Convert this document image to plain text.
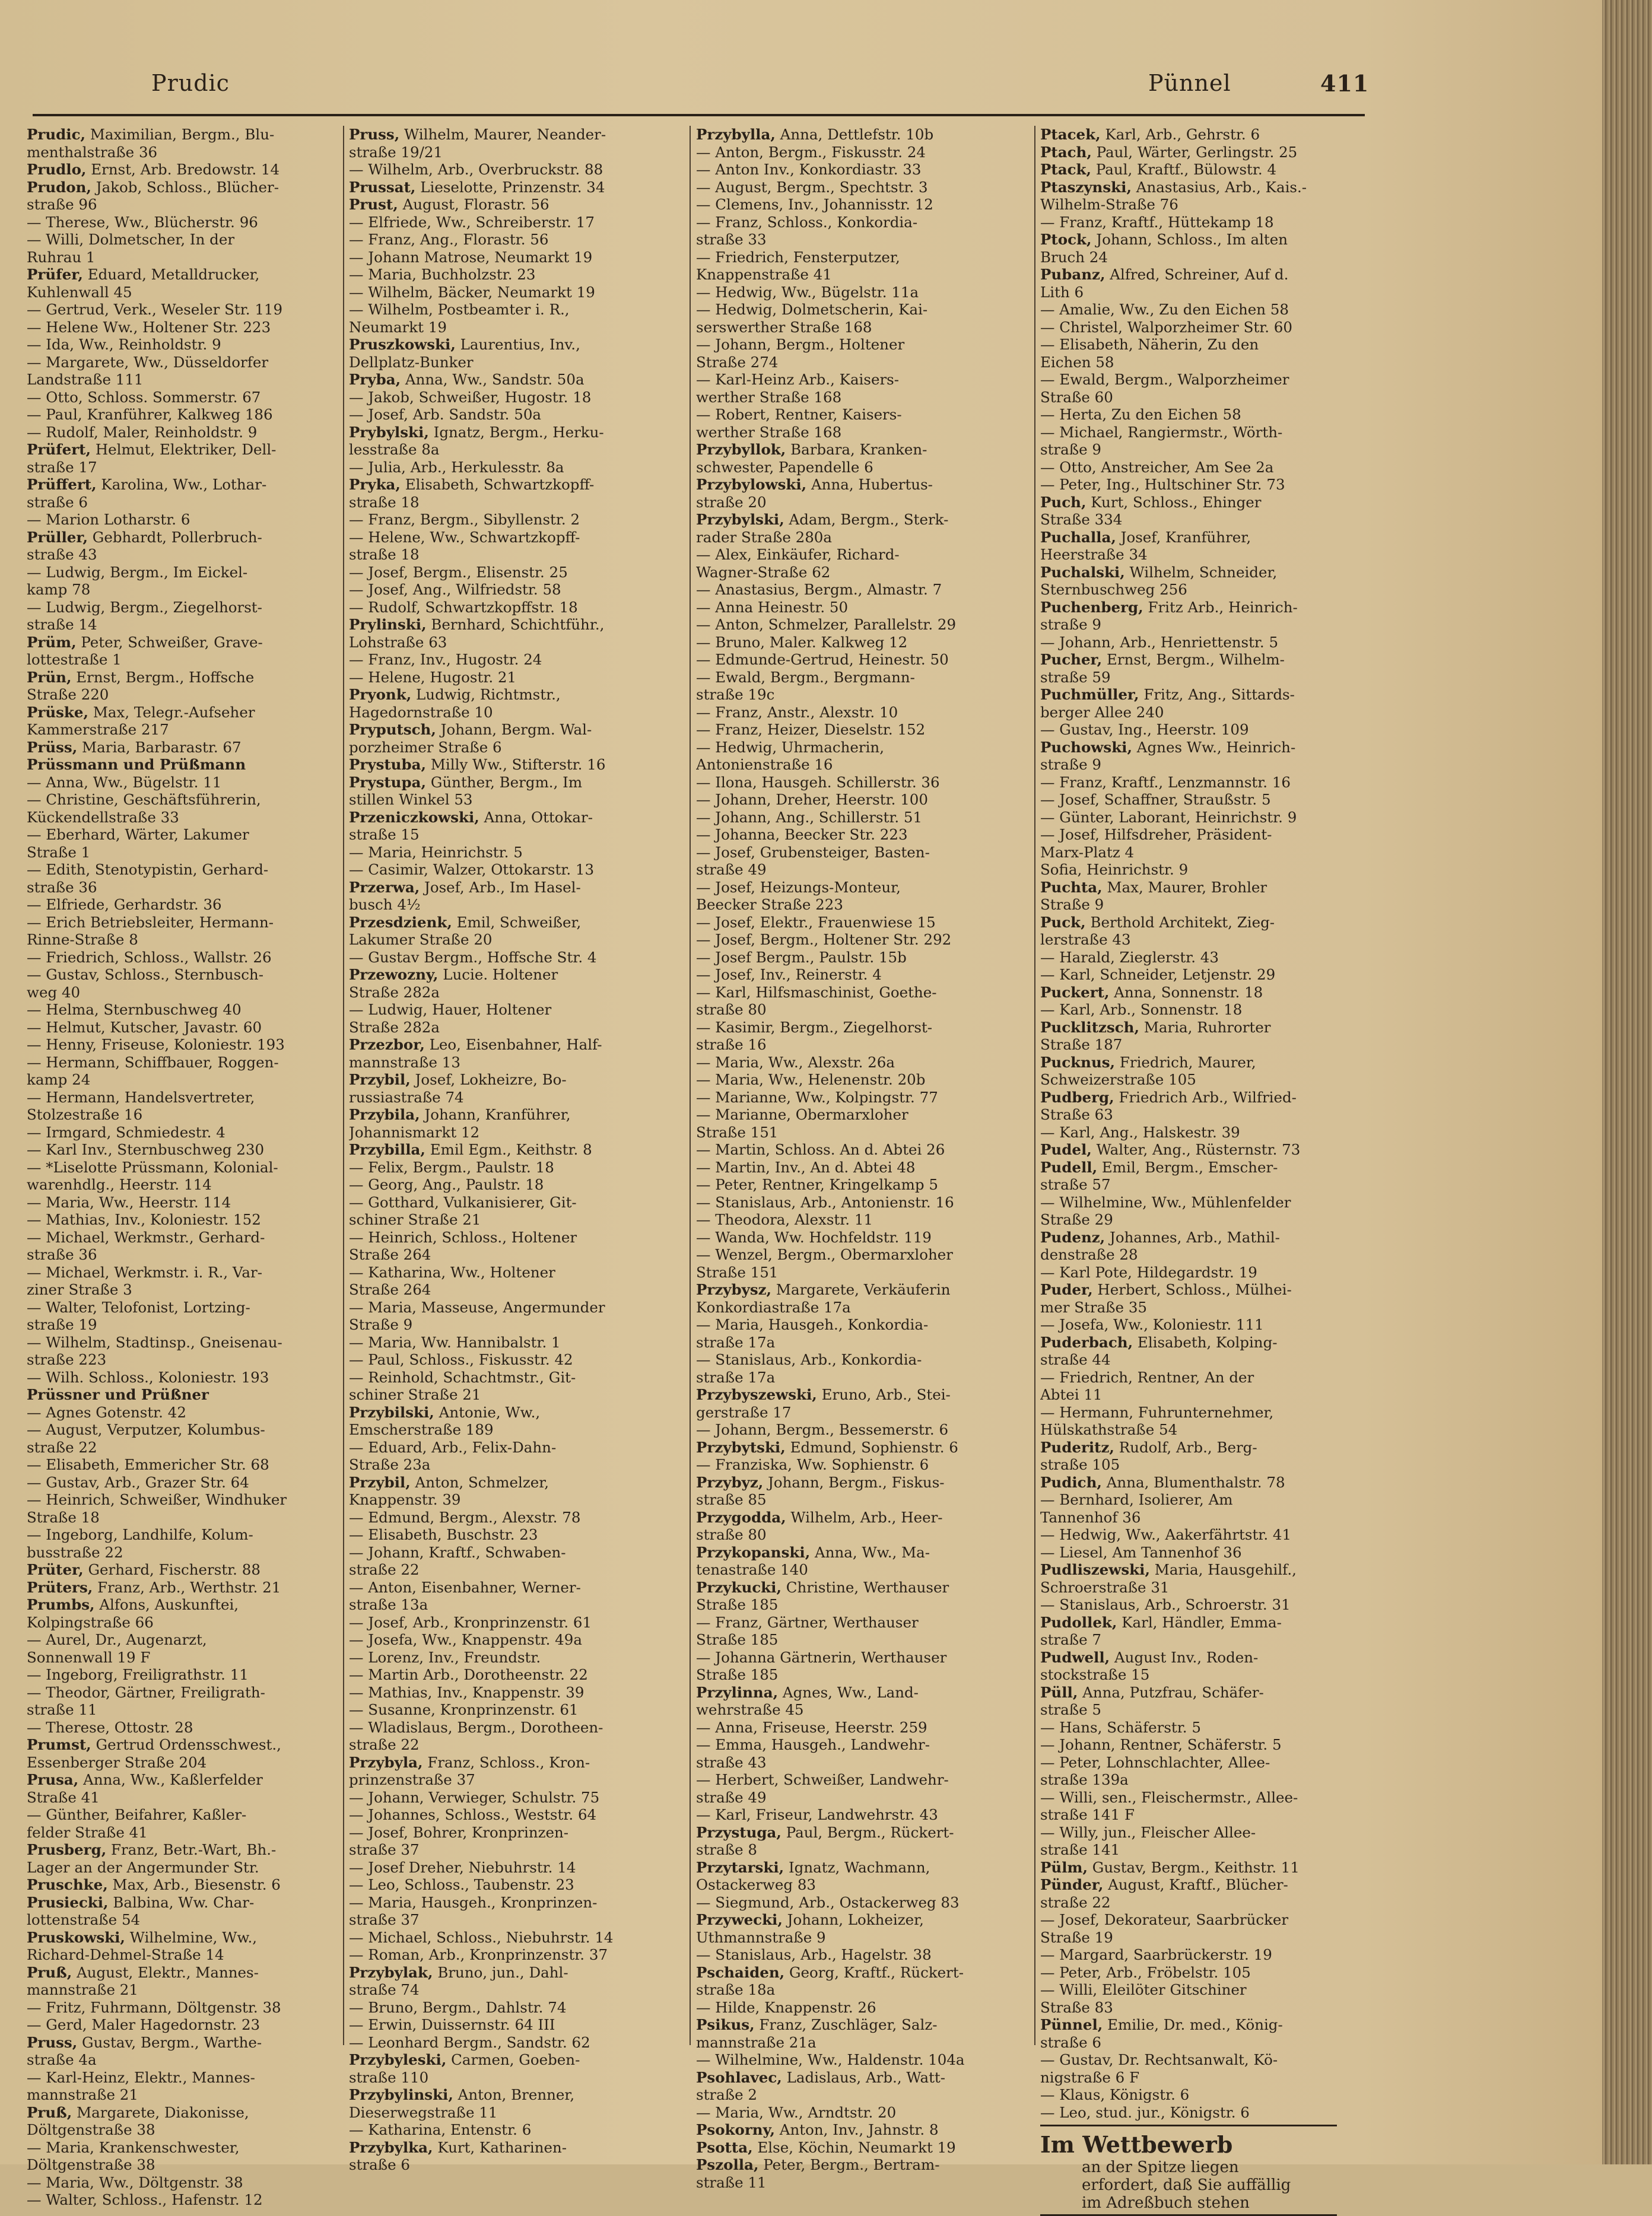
Prudic	Pünnel	411
Prudic, Maximilian, Bergm., Blu-
menthalstraße 36
Prudlo, Ernst, Arb. Bredowstr. 14
Prudon, Jakob, Schloss., Blücher-
straße 96
— Therese, Ww., Blücherstr. 96
— Willi, Dolmetscher, In der
Ruhrau 1
Prüfer, Eduard, Metalldrucker,
Kuhlenwall 45
— Gertrud, Verk., Weseler Str. 119
— Helene Ww., Holtener Str. 223
— Ida, Ww., Reinholdstr. 9
— Margarete, Ww., Düsseldorfer
Landstraße 111
— Otto, Schloss. Sommerstr. 67
— Paul, Kranführer, Kalkweg 186
— Rudolf, Maler, Reinholdstr. 9
Prüfert, Helmut, Elektriker, Dell-
straße 17
Prüffert, Karolina, Ww., Lothar-
straße 6
— Marion Lotharstr. 6
Prüller, Gebhardt, Pollerbruch-
straße 43
— Ludwig, Bergm., Im Eickel-
kamp 78
— Ludwig, Bergm., Ziegelhorst-
straße 14
Prüm, Peter, Schweißer, Grave-
lottestraße 1
Prün, Ernst, Bergm., Hoffsche
Straße 220
Prüske, Max, Telegr.-Aufseher
Kammerstraße 217
Prüss, Maria, Barbarastr. 67
Prüssmann und Prüßmann
— Anna, Ww., Bügelstr. 11
— Christine, Geschäftsführerin,
Kückendellstraße 33
— Eberhard, Wärter, Lakumer
Straße 1
— Edith, Stenotypistin, Gerhard-
straße 36
— Elfriede, Gerhardstr. 36
— Erich Betriebsleiter, Hermann-
Rinne-Straße 8
— Friedrich, Schloss., Wallstr. 26
— Gustav, Schloss., Sternbusch-
weg 40
— Helma, Sternbuschweg 40
— Helmut, Kutscher, Javastr. 60
— Henny, Friseuse, Koloniestr. 193
— Hermann, Schiffbauer, Roggen-
kamp 24
— Hermann, Handelsvertreter,
Stolzestraße 16
— Irmgard, Schmiedestr. 4
— Karl Inv., Sternbuschweg 230
— *Liselotte Prüssmann, Kolonial-
warenhdlg., Heerstr. 114
— Maria, Ww., Heerstr. 114
— Mathias, Inv., Koloniestr. 152
— Michael, Werkmstr., Gerhard-
straße 36
— Michael, Werkmstr. i. R., Var-
ziner Straße 3
— Walter, Telofonist, Lortzing-
straße 19
— Wilhelm, Stadtinsp., Gneisenau-
straße 223
— Wilh. Schloss., Koloniestr. 193
Prüssner und Prüßner
— Agnes Gotenstr. 42
— August, Verputzer, Kolumbus-
straße 22
— Elisabeth, Emmericher Str. 68
— Gustav, Arb., Grazer Str. 64
— Heinrich, Schweißer, Windhuker
Straße 18
— Ingeborg, Landhilfe, Kolum-
busstraße 22
Prüter, Gerhard, Fischerstr. 88
Prüters, Franz, Arb., Werthstr. 21
Prumbs, Alfons, Auskunftei,
Kolpingstraße 66
— Aurel, Dr., Augenarzt,
Sonnenwall 19 F
— Ingeborg, Freiligrathstr. 11
— Theodor, Gärtner, Freiligrath-
straße 11
— Therese, Ottostr. 28
Prumst, Gertrud Ordensschwest.,
Essenberger Straße 204
Prusa, Anna, Ww., Kaßlerfelder
Straße 41
— Günther, Beifahrer, Kaßler-
felder Straße 41
Prusberg, Franz, Betr.-Wart, Bh.-
Lager an der Angermunder Str.
Pruschke, Max, Arb., Biesenstr. 6
Prusiecki, Balbina, Ww. Char-
lottenstraße 54
Pruskowski, Wilhelmine, Ww.,
Richard-Dehmel-Straße 14
Pruß, August, Elektr., Mannes-
mannstraße 21
— Fritz, Fuhrmann, Döltgenstr. 38
— Gerd, Maler Hagedornstr. 23
Pruss, Gustav, Bergm., Warthe-
straße 4a
— Karl-Heinz, Elektr., Mannes-
mannstraße 21
Pruß, Margarete, Diakonisse,
Döltgenstraße 38
— Maria, Krankenschwester,
Döltgenstraße 38
— Maria, Ww., Döltgenstr. 38
— Walter, Schloss., Hafenstr. 12
Pruss, Wilhelm, Maurer, Neander-
straße 19/21
— Wilhelm, Arb., Overbruckstr. 88
Prussat, Lieselotte, Prinzenstr. 34
Prust, August, Florastr. 56
— Elfriede, Ww., Schreiberstr. 17
— Franz, Ang., Florastr. 56
— Johann Matrose, Neumarkt 19
— Maria, Buchholzstr. 23
— Wilhelm, Bäcker, Neumarkt 19
— Wilhelm, Postbeamter i. R.,
Neumarkt 19
Pruszkowski, Laurentius, Inv.,
Dellplatz-Bunker
Pryba, Anna, Ww., Sandstr. 50a
— Jakob, Schweißer, Hugostr. 18
— Josef, Arb. Sandstr. 50a
Prybylski, Ignatz, Bergm., Herku-
lesstraße 8a
— Julia, Arb., Herkulesstr. 8a
Pryka, Elisabeth, Schwartzkopff-
straße 18
— Franz, Bergm., Sibyllenstr. 2
— Helene, Ww., Schwartzkopff-
straße 18
— Josef, Bergm., Elisenstr. 25
— Josef, Ang., Wilfriedstr. 58
— Rudolf, Schwartzkopffstr. 18
Prylinski, Bernhard, Schichtführ.,
Lohstraße 63
— Franz, Inv., Hugostr. 24
— Helene, Hugostr. 21
Pryonk, Ludwig, Richtmstr.,
Hagedornstraße 10
Pryputsch, Johann, Bergm. Wal-
porzheimer Straße 6
Prystuba, Milly Ww., Stifterstr. 16
Prystupa, Günther, Bergm., Im
stillen Winkel 53
Przeniczkowski, Anna, Ottokar-
straße 15
— Maria, Heinrichstr. 5
— Casimir, Walzer, Ottokarstr. 13
Przerwa, Josef, Arb., Im Hasel-
busch 4½
Przesdzienk, Emil, Schweißer,
Lakumer Straße 20
— Gustav Bergm., Hoffsche Str. 4
Przewozny, Lucie. Holtener
Straße 282a
— Ludwig, Hauer, Holtener
Straße 282a
Przezbor, Leo, Eisenbahner, Half-
mannstraße 13
Przybil, Josef, Lokheizre, Bo-
russiastraße 74
Przybila, Johann, Kranführer,
Johannismarkt 12
Przybilla, Emil Egm., Keithstr. 8
— Felix, Bergm., Paulstr. 18
— Georg, Ang., Paulstr. 18
— Gotthard, Vulkanisierer, Git-
schiner Straße 21
— Heinrich, Schloss., Holtener
Straße 264
— Katharina, Ww., Holtener
Straße 264
— Maria, Masseuse, Angermunder
Straße 9
— Maria, Ww. Hannibalstr. 1
— Paul, Schloss., Fiskusstr. 42
— Reinhold, Schachtmstr., Git-
schiner Straße 21
Przybilski, Antonie, Ww.,
Emscherstraße 189
— Eduard, Arb., Felix-Dahn-
Straße 23a
Przybil, Anton, Schmelzer,
Knappenstr. 39
— Edmund, Bergm., Alexstr. 78
— Elisabeth, Buschstr. 23
— Johann, Kraftf., Schwaben-
straße 22
— Anton, Eisenbahner, Werner-
straße 13a
— Josef, Arb., Kronprinzenstr. 61
— Josefa, Ww., Knappenstr. 49a
— Lorenz, Inv., Freundstr.
— Martin Arb., Dorotheenstr. 22
— Mathias, Inv., Knappenstr. 39
— Susanne, Kronprinzenstr. 61
— Wladislaus, Bergm., Dorotheen-
straße 22
Przybyla, Franz, Schloss., Kron-
prinzenstraße 37
— Johann, Verwieger, Schulstr. 75
— Johannes, Schloss., Weststr. 64
— Josef, Bohrer, Kronprinzen-
straße 37
— Josef Dreher, Niebuhrstr. 14
— Leo, Schloss., Taubenstr. 23
— Maria, Hausgeh., Kronprinzen-
straße 37
— Michael, Schloss., Niebuhrstr. 14
— Roman, Arb., Kronprinzenstr. 37
Przybylak, Bruno, jun., Dahl-
straße 74
— Bruno, Bergm., Dahlstr. 74
— Erwin, Duissernstr. 64 III
— Leonhard Bergm., Sandstr. 62
Przybyleski, Carmen, Goeben-
straße 110
Przybylinski, Anton, Brenner,
Dieserwegstraße 11
— Katharina, Entenstr. 6
Przybylka, Kurt, Katharinen-
straße 6
Przybylla, Anna, Dettlefstr. 10b
— Anton, Bergm., Fiskusstr. 24
— Anton Inv., Konkordiastr. 33
— August, Bergm., Spechtstr. 3
— Clemens, Inv., Johannisstr. 12
— Franz, Schloss., Konkordia-
straße 33
— Friedrich, Fensterputzer,
Knappenstraße 41
— Hedwig, Ww., Bügelstr. 11a
— Hedwig, Dolmetscherin, Kai-
serswerther Straße 168
— Johann, Bergm., Holtener
Straße 274
— Karl-Heinz Arb., Kaisers-
werther Straße 168
— Robert, Rentner, Kaisers-
werther Straße 168
Przybyllok, Barbara, Kranken-
schwester, Papendelle 6
Przybylowski, Anna, Hubertus-
straße 20
Przybylski, Adam, Bergm., Sterk-
rader Straße 280a
— Alex, Einkäufer, Richard-
Wagner-Straße 62
— Anastasius, Bergm., Almastr. 7
— Anna Heinestr. 50
— Anton, Schmelzer, Parallelstr. 29
— Bruno, Maler. Kalkweg 12
— Edmunde-Gertrud, Heinestr. 50
— Ewald, Bergm., Bergmann-
straße 19c
— Franz, Anstr., Alexstr. 10
— Franz, Heizer, Dieselstr. 152
— Hedwig, Uhrmacherin,
Antonienstraße 16
— Ilona, Hausgeh. Schillerstr. 36
— Johann, Dreher, Heerstr. 100
— Johann, Ang., Schillerstr. 51
— Johanna, Beecker Str. 223
— Josef, Grubensteiger, Basten-
straße 49
— Josef, Heizungs-Monteur,
Beecker Straße 223
— Josef, Elektr., Frauenwiese 15
— Josef, Bergm., Holtener Str. 292
— Josef Bergm., Paulstr. 15b
— Josef, Inv., Reinerstr. 4
— Karl, Hilfsmaschinist, Goethe-
straße 80
— Kasimir, Bergm., Ziegelhorst-
straße 16
— Maria, Ww., Alexstr. 26a
— Maria, Ww., Helenenstr. 20b
— Marianne, Ww., Kolpingstr. 77
— Marianne, Obermarxloher
Straße 151
— Martin, Schloss. An d. Abtei 26
— Martin, Inv., An d. Abtei 48
— Peter, Rentner, Kringelkamp 5
— Stanislaus, Arb., Antonienstr. 16
— Theodora, Alexstr. 11
— Wanda, Ww. Hochfeldstr. 119
— Wenzel, Bergm., Obermarxloher
Straße 151
Przybysz, Margarete, Verkäuferin
Konkordiastraße 17a
— Maria, Hausgeh., Konkordia-
straße 17a
— Stanislaus, Arb., Konkordia-
straße 17a
Przybyszewski, Eruno, Arb., Stei-
gerstraße 17
— Johann, Bergm., Bessemerstr. 6
Przybytski, Edmund, Sophienstr. 6
— Franziska, Ww. Sophienstr. 6
Przybyz, Johann, Bergm., Fiskus-
straße 85
Przygodda, Wilhelm, Arb., Heer-
straße 80
Przykopanski, Anna, Ww., Ma-
tenastraße 140
Przykucki, Christine, Werthauser
Straße 185
— Franz, Gärtner, Werthauser
Straße 185
— Johanna Gärtnerin, Werthauser
Straße 185
Przylinna, Agnes, Ww., Land-
wehrstraße 45
— Anna, Friseuse, Heerstr. 259
— Emma, Hausgeh., Landwehr-
straße 43
— Herbert, Schweißer, Landwehr-
straße 49
— Karl, Friseur, Landwehrstr. 43
Przystuga, Paul, Bergm., Rückert-
straße 8
Przytarski, Ignatz, Wachmann,
Ostackerweg 83
— Siegmund, Arb., Ostackerweg 83
Przywecki, Johann, Lokheizer,
Uthmannstraße 9
— Stanislaus, Arb., Hagelstr. 38
Pschaiden, Georg, Kraftf., Rückert-
straße 18a
— Hilde, Knappenstr. 26
Psikus, Franz, Zuschläger, Salz-
mannstraße 21a
— Wilhelmine, Ww., Haldenstr. 104a
Psohlavec, Ladislaus, Arb., Watt-
straße 2
— Maria, Ww., Arndtstr. 20
Psokorny, Anton, Inv., Jahnstr. 8
Psotta, Else, Köchin, Neumarkt 19
Pszolla, Peter, Bergm., Bertram-
straße 11
Ptacek, Karl, Arb., Gehrstr. 6
Ptach, Paul, Wärter, Gerlingstr. 25
Ptack, Paul, Kraftf., Bülowstr. 4
Ptaszynski, Anastasius, Arb., Kais.-
Wilhelm-Straße 76
— Franz, Kraftf., Hüttekamp 18
Ptock, Johann, Schloss., Im alten
Bruch 24
Pubanz, Alfred, Schreiner, Auf d.
Lith 6
— Amalie, Ww., Zu den Eichen 58
— Christel, Walporzheimer Str. 60
— Elisabeth, Näherin, Zu den
Eichen 58
— Ewald, Bergm., Walporzheimer
Straße 60
— Herta, Zu den Eichen 58
— Michael, Rangiermstr., Wörth-
straße 9
— Otto, Anstreicher, Am See 2a
— Peter, Ing., Hultschiner Str. 73
Puch, Kurt, Schloss., Ehinger
Straße 334
Puchalla, Josef, Kranführer,
Heerstraße 34
Puchalski, Wilhelm, Schneider,
Sternbuschweg 256
Puchenberg, Fritz Arb., Heinrich-
straße 9
— Johann, Arb., Henriettenstr. 5
Pucher, Ernst, Bergm., Wilhelm-
straße 59
Puchmüller, Fritz, Ang., Sittards-
berger Allee 240
— Gustav, Ing., Heerstr. 109
Puchowski, Agnes Ww., Heinrich-
straße 9
— Franz, Kraftf., Lenzmannstr. 16
— Josef, Schaffner, Straußstr. 5
— Günter, Laborant, Heinrichstr. 9
— Josef, Hilfsdreher, Präsident-
Marx-Platz 4
Sofia, Heinrichstr. 9
Puchta, Max, Maurer, Brohler
Straße 9
Puck, Berthold Architekt, Zieg-
lerstraße 43
— Harald, Zieglerstr. 43
— Karl, Schneider, Letjenstr. 29
Puckert, Anna, Sonnenstr. 18
— Karl, Arb., Sonnenstr. 18
Pucklitzsch, Maria, Ruhrorter
Straße 187
Pucknus, Friedrich, Maurer,
Schweizerstraße 105
Pudberg, Friedrich Arb., Wilfried-
Straße 63
— Karl, Ang., Halskestr. 39
Pudel, Walter, Ang., Rüsternstr. 73
Pudell, Emil, Bergm., Emscher-
straße 57
— Wilhelmine, Ww., Mühlenfelder
Straße 29
Pudenz, Johannes, Arb., Mathil-
denstraße 28
— Karl Pote, Hildegardstr. 19
Puder, Herbert, Schloss., Mülhei-
mer Straße 35
— Josefa, Ww., Koloniestr. 111
Puderbach, Elisabeth, Kolping-
straße 44
— Friedrich, Rentner, An der
Abtei 11
— Hermann, Fuhrunternehmer,
Hülskathstraße 54
Puderitz, Rudolf, Arb., Berg-
straße 105
Pudich, Anna, Blumenthalstr. 78
— Bernhard, Isolierer, Am
Tannenhof 36
— Hedwig, Ww., Aakerfährtstr. 41
— Liesel, Am Tannenhof 36
Pudliszewski, Maria, Hausgehilf.,
Schroerstraße 31
— Stanislaus, Arb., Schroerstr. 31
Pudollek, Karl, Händler, Emma-
straße 7
Pudwell, August Inv., Roden-
stockstraße 15
Püll, Anna, Putzfrau, Schäfer-
straße 5
— Hans, Schäferstr. 5
— Johann, Rentner, Schäferstr. 5
— Peter, Lohnschlachter, Allee-
straße 139a
— Willi, sen., Fleischermstr., Allee-
straße 141 F
— Willy, jun., Fleischer Allee-
straße 141
Pülm, Gustav, Bergm., Keithstr. 11
Pünder, August, Kraftf., Blücher-
straße 22
— Josef, Dekorateur, Saarbrücker
Straße 19
— Margard, Saarbrückerstr. 19
— Peter, Arb., Fröbelstr. 105
— Willi, Eleilöter Gitschiner
Straße 83
Pünnel, Emilie, Dr. med., König-
straße 6
— Gustav, Dr. Rechtsanwalt, Kö-
nigstraße 6 F
— Klaus, Königstr. 6
— Leo, stud. jur., Königstr. 6
Im Wettbewerb
an der Spitze liegen
erfordert, daß Sie auffällig
im Adreßbuch stehen
